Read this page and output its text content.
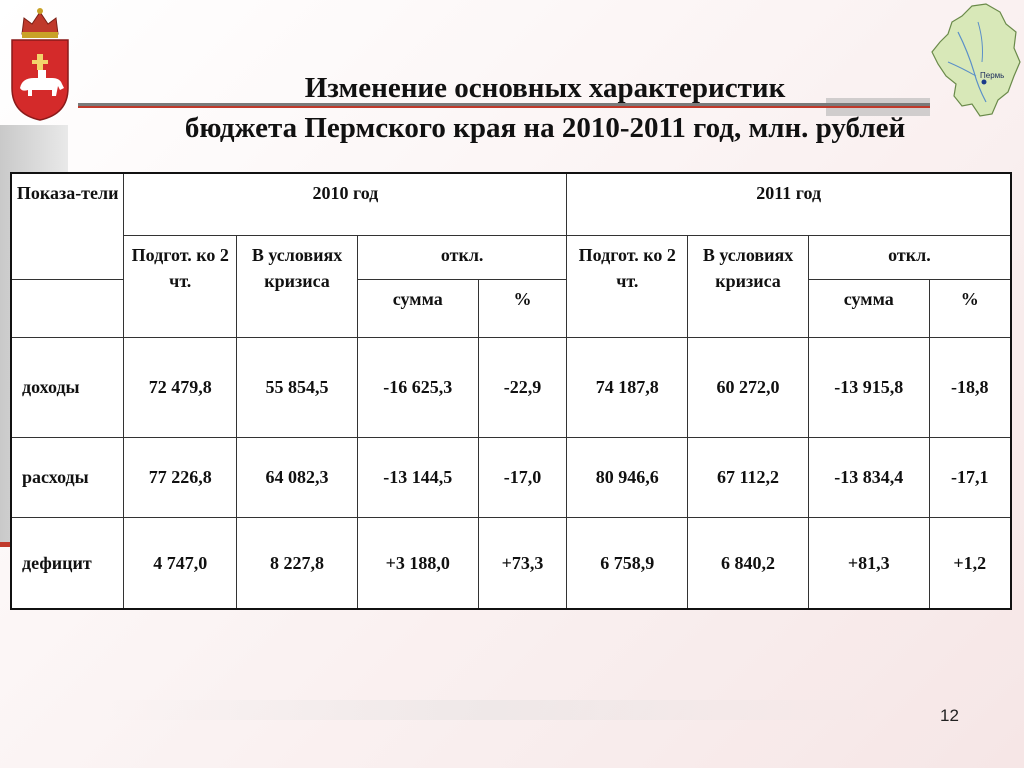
Пермь
Изменение основных характеристик
бюджета Пермского края на 2010-2011 год, млн. рублей
Показа-тели	2010 год				2011 год			
	Подгот. ко 2 чт.	В условиях кризиса	откл.		Подгот. ко 2 чт.	В условиях кризиса	откл.	
			сумма	%			сумма	%
доходы	72 479,8	55 854,5	-16 625,3	-22,9	74 187,8	60 272,0	-13 915,8	-18,8
расходы	77 226,8	64 082,3	-13 144,5	-17,0	80 946,6	67 112,2	-13 834,4	-17,1
дефицит	4 747,0	8 227,8	+3 188,0	+73,3	6 758,9	6 840,2	+81,3	+1,2
12
